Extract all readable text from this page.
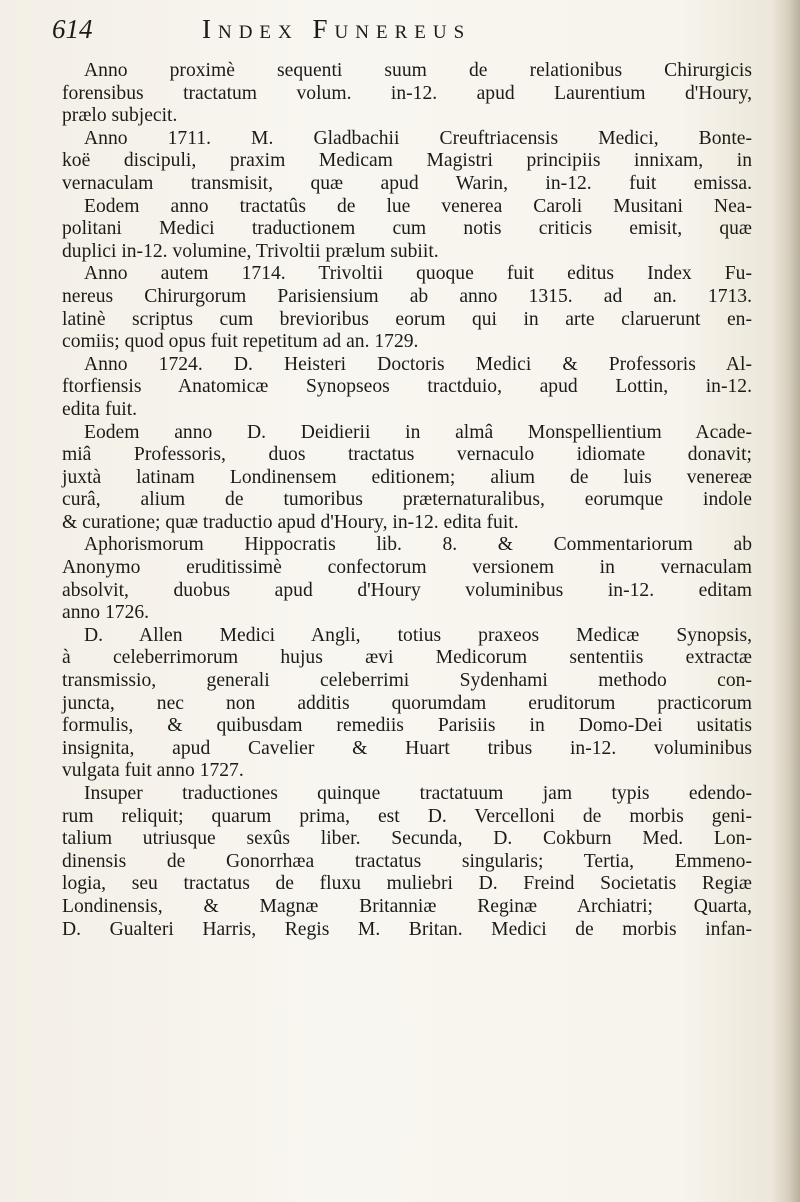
614	Index Funereus
Anno proximè sequenti suum de relationibus Chirurgicis
forensibus tractatum volum. in-12. apud Laurentium d'Houry,
prælo subjecit.
Anno 1711. M. Gladbachii Creuftriacensis Medici, Bonte-
koë discipuli, praxim Medicam Magistri principiis innixam, in
vernaculam transmisit, quæ apud Warin, in-12. fuit emissa.
Eodem anno tractatûs de lue venerea Caroli Musitani Nea-
politani Medici traductionem cum notis criticis emisit, quæ
duplici in-12. volumine, Trivoltii prælum subiit.
Anno autem 1714. Trivoltii quoque fuit editus Index Fu-
nereus Chirurgorum Parisiensium ab anno 1315. ad an. 1713.
latinè scriptus cum brevioribus eorum qui in arte claruerunt en-
comiis; quod opus fuit repetitum ad an. 1729.
Anno 1724. D. Heisteri Doctoris Medici & Professoris Al-
ftorfiensis Anatomicæ Synopseos tractduio, apud Lottin, in-12.
edita fuit.
Eodem anno D. Deidierii in almâ Monspellientium Acade-
miâ Professoris, duos tractatus vernaculo idiomate donavit;
juxtà latinam Londinensem editionem; alium de luis venereæ
curâ, alium de tumoribus præternaturalibus, eorumque indole
& curatione; quæ traductio apud d'Houry, in-12. edita fuit.
Aphorismorum Hippocratis lib. 8. & Commentariorum ab
Anonymo eruditissimè confectorum versionem in vernaculam
absolvit, duobus apud d'Houry voluminibus in-12. editam
anno 1726.
D. Allen Medici Angli, totius praxeos Medicæ Synopsis,
à celeberrimorum hujus ævi Medicorum sententiis extractæ
transmissio, generali celeberrimi Sydenhami methodo con-
juncta, nec non additis quorumdam eruditorum practicorum
formulis, & quibusdam remediis Parisiis in Domo-Dei usitatis
insignita, apud Cavelier & Huart tribus in-12. voluminibus
vulgata fuit anno 1727.
Insuper traductiones quinque tractatuum jam typis edendo-
rum reliquit; quarum prima, est D. Vercelloni de morbis geni-
talium utriusque sexûs liber. Secunda, D. Cokburn Med. Lon-
dinensis de Gonorrhæa tractatus singularis; Tertia, Emmeno-
logia, seu tractatus de fluxu muliebri D. Freind Societatis Regiæ
Londinensis, & Magnæ Britanniæ Reginæ Archiatri; Quarta,
D. Gualteri Harris, Regis M. Britan. Medici de morbis infan-
